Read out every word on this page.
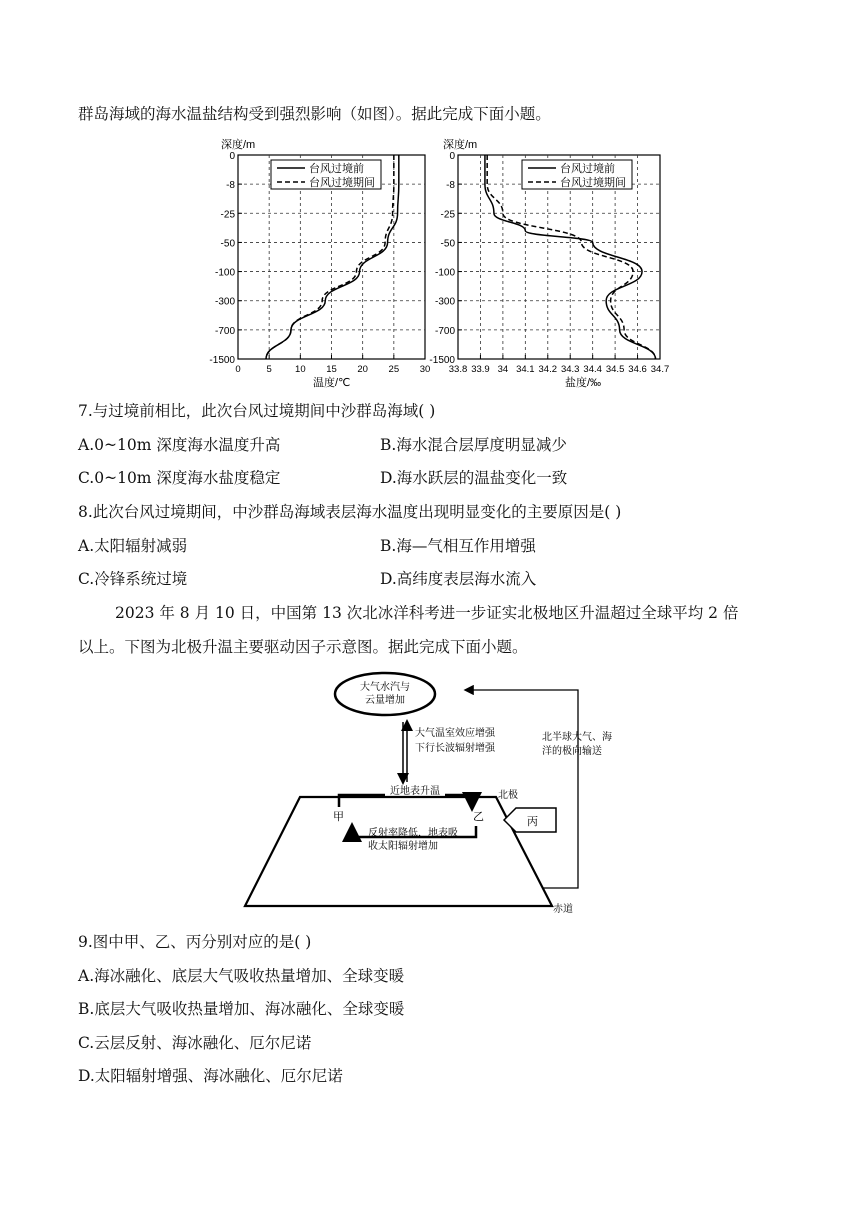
群岛海域的海水温盐结构受到强烈影响（如图）。据此完成下面小题。
深度/m
0
-8
-25
-50
-100
-300
-700
-1500
0	5 10 15 20 25 30
台风过境前
台风过境期间
温度/℃
深度/m
0
-8
-25
-50
-100
-300
-700
-1500
33.8 33.9 34 34.1 34.2 34.3 34.4 34.5 34.6 34.7
台风过境前
台风过境期间
盐度/‰
7.与过境前相比，此次台风过境期间中沙群岛海域( )
A.0~10m 深度海水温度升高	B.海水混合层厚度明显减少
C.0~10m 深度海水盐度稳定	D.海水跃层的温盐变化一致
8.此次台风过境期间，中沙群岛海域表层海水温度出现明显变化的主要原因是( )
A.太阳辐射减弱	B.海—气相互作用增强
C.冷锋系统过境	D.高纬度表层海水流入
2023 年 8 月 10 日，中国第 13 次北冰洋科考进一步证实北极地区升温超过全球平均 2 倍
以上。下图为北极升温主要驱动因子示意图。据此完成下面小题。
大气水汽与
云量增加
大气温室效应增强
下行长波辐射增强
北半球大气、海
洋的极向输送
近地表升温
甲	乙
反射率降低，地表吸
收太阳辐射增加
北极
丙
赤道
9.图中甲、乙、丙分别对应的是( )
A.海冰融化、底层大气吸收热量增加、全球变暖
B.底层大气吸收热量增加、海冰融化、全球变暖
C.云层反射、海冰融化、厄尔尼诺
D.太阳辐射增强、海冰融化、厄尔尼诺
